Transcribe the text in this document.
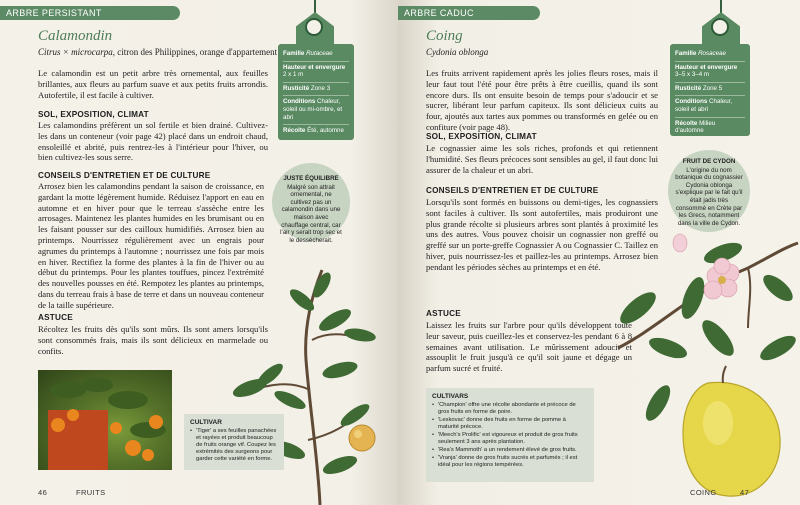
ARBRE PERSISTANT
Calamondin
Citrus × microcarpa, citron des Philippines, orange d'appartement
Le calamondin est un petit arbre très ornemental, aux feuilles brillantes, aux fleurs au parfum suave et aux petits fruits arrondis. Autofertile, il est facile à cultiver.
SOL, EXPOSITION, CLIMAT
Les calamondins préfèrent un sol fertile et bien drainé. Cultivez-les dans un conteneur (voir page 42) placé dans un endroit chaud, ensoleillé et abrité, puis rentrez-les à l'intérieur pour l'hiver, ou bien cultivez-les sous serre.
CONSEILS D'ENTRETIEN ET DE CULTURE
Arrosez bien les calamondins pendant la saison de croissance, en gardant la motte légèrement humide. Réduisez l'apport en eau en automne et en hiver pour que le terreau s'assèche entre les arrosages. Maintenez les plantes humides en les brumisant ou en les faisant pousser sur des cailloux humidifiés. Arrosez bien au printemps. Nourrissez régulièrement avec un engrais pour agrumes du printemps à l'automne ; nourrissez une fois par mois en hiver. Rectifiez la forme des plantes à la fin de l'hiver ou au début du printemps. Pour les plantes touffues, pincez l'extrémité des nouvelles pousses en été. Rempotez les plantes au printemps, dans du terreau frais à base de terre et dans un nouveau conteneur de la taille supérieure.
ASTUCE
Récoltez les fruits dès qu'ils sont mûrs. Ils sont amers lorsqu'ils sont consommés frais, mais ils sont délicieux en marmelade ou confits.
Famille Rutaceae
Hauteur et envergure
2 x 1 m
Rusticité Zone 3
Conditions Chaleur, soleil ou mi-ombre, et abri
Récolte Été, automne
JUSTE ÉQUILIBRE
Malgré son attrait ornemental, ne cultivez pas un calamondin dans une maison avec chauffage central, car l'air y serait trop sec et le dessècherait.
CULTIVAR
• 'Tiger' a ses feuilles panachées et rayées et produit beaucoup de fruits orange vif. Coupez les extrémités des surgeons pour garder cette variété en forme.
46	FRUITS
ARBRE CADUC
Coing
Cydonia oblonga
Les fruits arrivent rapidement après les jolies fleurs roses, mais il leur faut tout l'été pour être prêts à être cueillis, quand ils sont encore durs. Ils ont ensuite besoin de temps pour s'adoucir et se sucrer, libérant leur parfum capiteux. Ils sont délicieux cuits au four, ajoutés aux tartes aux pommes ou transformés en gelée ou en confiture (voir page 48).
SOL, EXPOSITION, CLIMAT
Le cognassier aime les sols riches, profonds et qui retiennent l'humidité. Ses fleurs précoces sont sensibles au gel, il faut donc lui assurer de la chaleur et un abri.
CONSEILS D'ENTRETIEN ET DE CULTURE
Lorsqu'ils sont formés en buissons ou demi-tiges, les cognassiers sont faciles à cultiver. Ils sont autofertiles, mais produiront une plus grande récolte si plusieurs arbres sont plantés à proximité les uns des autres. Vous pouvez choisir un cognassier non greffé ou greffé sur un porte-greffe Cognassier A ou Cognassier C. Taillez en hiver, puis nourrissez-les et paillez-les au printemps. Arrosez bien pendant les périodes sèches au printemps et en été.
ASTUCE
Laissez les fruits sur l'arbre pour qu'ils développent toute leur saveur, puis cueillez-les et conservez-les pendant 6 à 8 semaines avant utilisation. Le mûrissement adoucit et assouplit le fruit jusqu'à ce qu'il soit jaune et dégage un parfum sucré et fruité.
Famille Rosaceae
Hauteur et envergure
3–5 x 3–4 m
Rusticité Zone 5
Conditions Chaleur, soleil et abri
Récolte Milieu d'automne
FRUIT DE CYDON
L'origine du nom botanique du cognassier Cydonia oblonga s'explique par le fait qu'il était jadis très consommé en Crète par les Grecs, notamment dans la ville de Cydon.
CULTIVARS
• 'Champion' offre une récolte abondante et précoce de gros fruits en forme de poire.
• 'Leskovac' donne des fruits en forme de pomme à maturité précoce.
• 'Meech's Prolific' est vigoureux et produit de gros fruits seulement 3 ans après plantation.
• 'Rea's Mammoth' a un rendement élevé de gros fruits.
• 'Vranja' donne de gros fruits sucrés et parfumés ; il est idéal pour les régions tempérées.
COING	47
